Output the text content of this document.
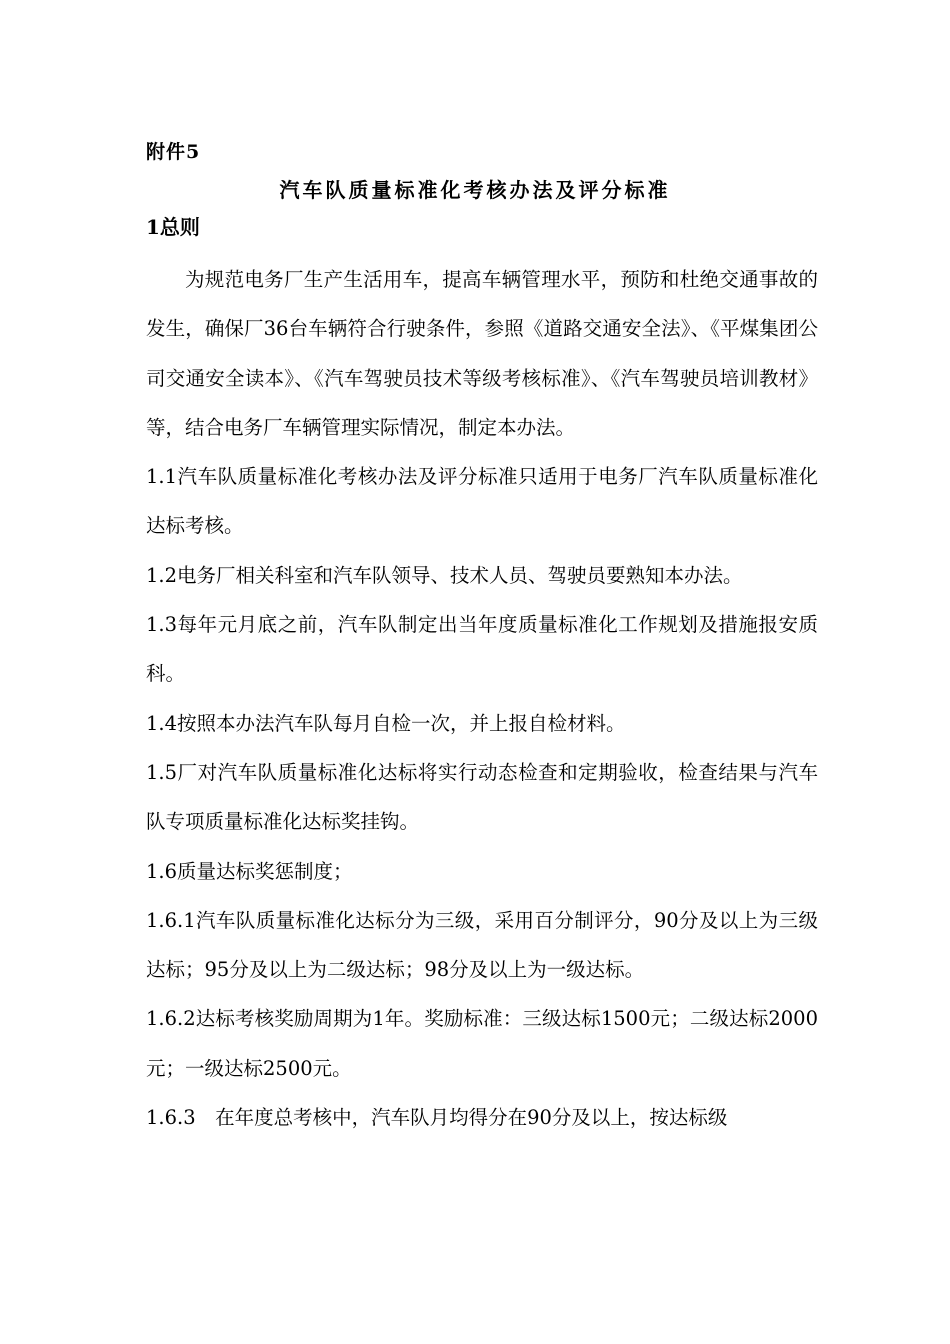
附件5
汽车队质量标准化考核办法及评分标准
1总则

为规范电务厂生产生活用车，提高车辆管理水平，预防和杜绝交通事故的发生，确保厂36台车辆符合行驶条件，参照《道路交通安全法》、《平煤集团公司交通安全读本》、《汽车驾驶员技术等级考核标准》、《汽车驾驶员培训教材》等，结合电务厂车辆管理实际情况，制定本办法。

1.1汽车队质量标准化考核办法及评分标准只适用于电务厂汽车队质量标准化达标考核。

1.2电务厂相关科室和汽车队领导、技术人员、驾驶员要熟知本办法。

1.3每年元月底之前，汽车队制定出当年度质量标准化工作规划及措施报安质科。

1.4按照本办法汽车队每月自检一次，并上报自检材料。

1.5厂对汽车队质量标准化达标将实行动态检查和定期验收，检查结果与汽车队专项质量标准化达标奖挂钩。

1.6质量达标奖惩制度；

1.6.1汽车队质量标准化达标分为三级，采用百分制评分，90分及以上为三级达标；95分及以上为二级达标；98分及以上为一级达标。

1.6.2达标考核奖励周期为1年。奖励标准：三级达标1500元；二级达标2000元；一级达标2500元。

1.6.3　在年度总考核中，汽车队月均得分在90分及以上，按达标级
